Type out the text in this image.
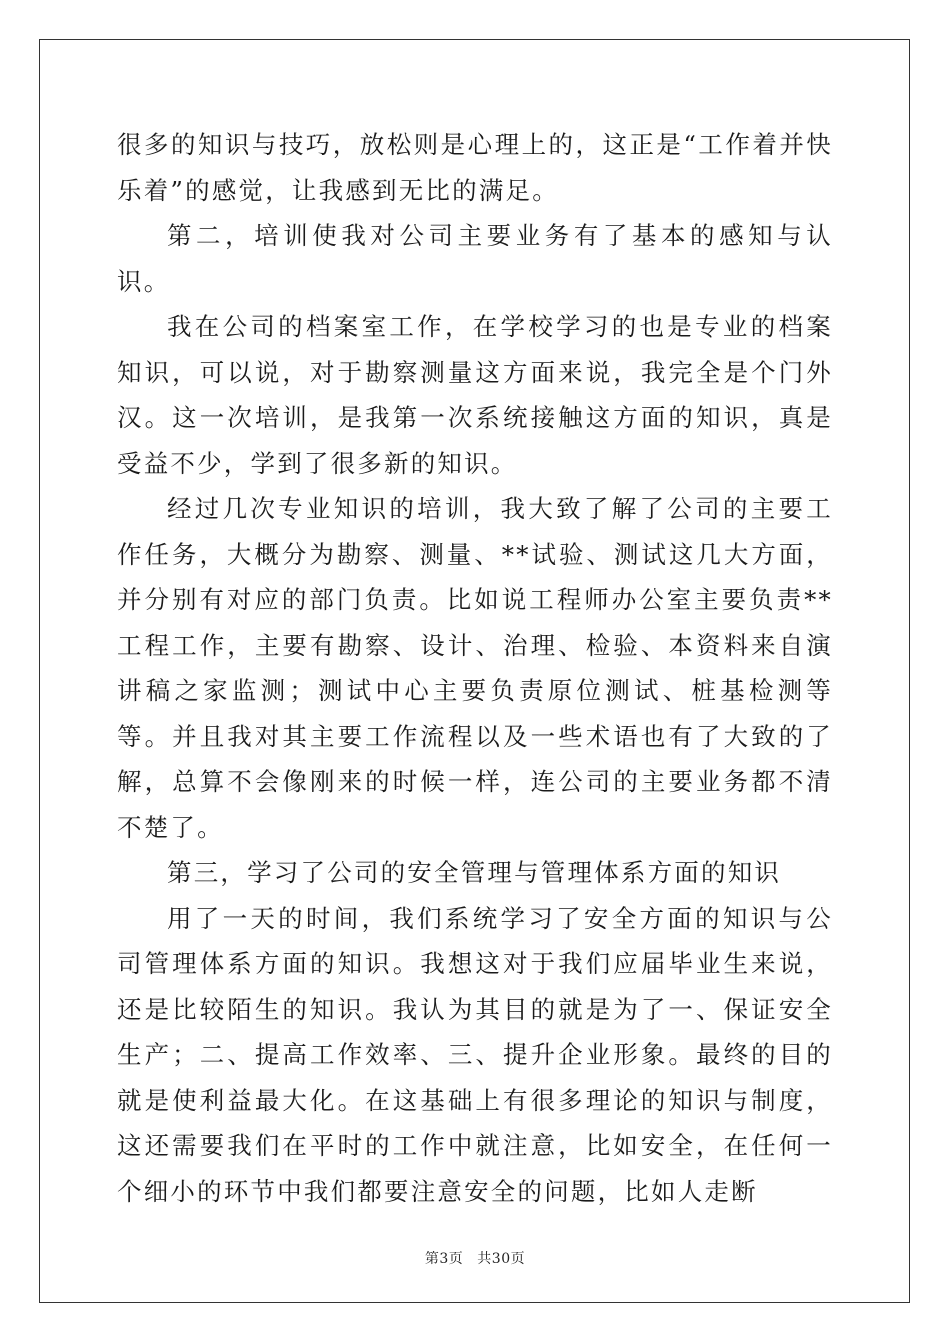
很多的知识与技巧，放松则是心理上的，这正是“工作着并快乐着”的感觉，让我感到无比的满足。

第二，培训使我对公司主要业务有了基本的感知与认识。

我在公司的档案室工作，在学校学习的也是专业的档案知识，可以说，对于勘察测量这方面来说，我完全是个门外汉。这一次培训，是我第一次系统接触这方面的知识，真是受益不少，学到了很多新的知识。

经过几次专业知识的培训，我大致了解了公司的主要工作任务，大概分为勘察、测量、**试验、测试这几大方面，并分别有对应的部门负责。比如说工程师办公室主要负责**工程工作，主要有勘察、设计、治理、检验、本资料来自演讲稿之家监测；测试中心主要负责原位测试、桩基检测等等。并且我对其主要工作流程以及一些术语也有了大致的了解，总算不会像刚来的时候一样，连公司的主要业务都不清不楚了。

第三，学习了公司的安全管理与管理体系方面的知识

用了一天的时间，我们系统学习了安全方面的知识与公司管理体系方面的知识。我想这对于我们应届毕业生来说，还是比较陌生的知识。我认为其目的就是为了一、保证安全生产；二、提高工作效率、三、提升企业形象。最终的目的就是使利益最大化。在这基础上有很多理论的知识与制度，这还需要我们在平时的工作中就注意，比如安全，在任何一个细小的环节中我们都要注意安全的问题，比如人走断

第3页 共30页
